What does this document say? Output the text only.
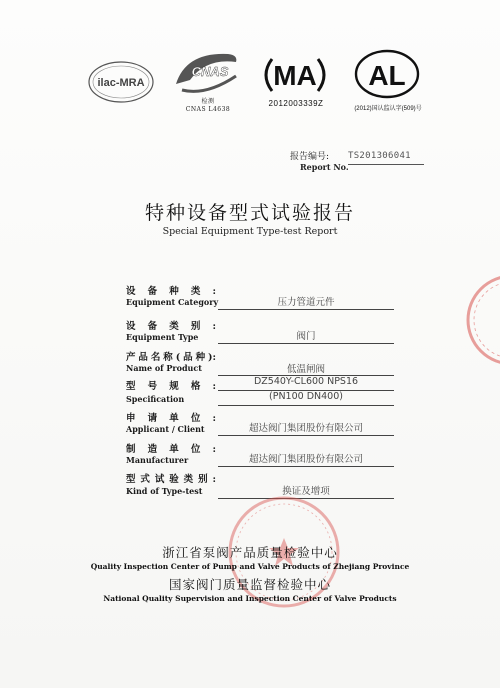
ilac-MRA
CNAS
检测
CNAS L4638
MA
2012003339Z
AL
(2012)国认监认字(509)号
报告编号:
Report No.
TS201306041
特种设备型式试验报告
Special Equipment Type-test Report
设备种类:
Equipment Category	压力管道元件
设备类别:
Equipment Type	阀门
产品名称(品种):
Name of Product	低温闸阀
型号规格:
Specification
DZ540Y-CL600 NPS16
(PN100 DN400)
申请单位:
Applicant / Client	超达阀门集团股份有限公司
制造单位:
Manufacturer	超达阀门集团股份有限公司
型式试验类别:
Kind of Type-test	换证及增项
浙江省泵阀产品质量检验中心
Quality Inspection Center of Pump and Valve Products of Zhejiang Province
国家阀门质量监督检验中心
National Quality Supervision and Inspection Center of Valve Products
